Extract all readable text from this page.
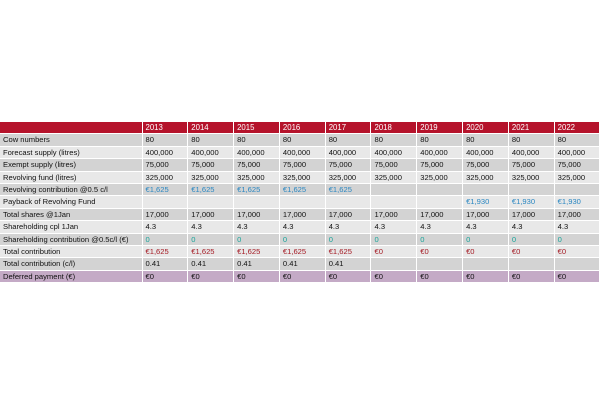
	2013	2014	2015	2016	2017	2018	2019	2020	2021	2022
Cow numbers	80	80	80	80	80	80	80	80	80	80
Forecast supply (litres)	400,000	400,000	400,000	400,000	400,000	400,000	400,000	400,000	400,000	400,000
Exempt supply (litres)	75,000	75,000	75,000	75,000	75,000	75,000	75,000	75,000	75,000	75,000
Revolving fund (litres)	325,000	325,000	325,000	325,000	325,000	325,000	325,000	325,000	325,000	325,000
Revolving contribution @0.5 c/l	€1,625	€1,625	€1,625	€1,625	€1,625					
Payback of Revolving Fund								€1,930	€1,930	€1,930
Total shares @1Jan	17,000	17,000	17,000	17,000	17,000	17,000	17,000	17,000	17,000	17,000
Shareholding cpl 1Jan	4.3	4.3	4.3	4.3	4.3	4.3	4.3	4.3	4.3	4.3
Shareholding contribution @0.5c/l (€)	0	0	0	0	0	0	0	0	0	0
Total contribution	€1,625	€1,625	€1,625	€1,625	€1,625	€0	€0	€0	€0	€0
Total contribution (c/l)	0.41	0.41	0.41	0.41	0.41					
Deferred payment (€)	€0	€0	€0	€0	€0	€0	€0	€0	€0	€0
